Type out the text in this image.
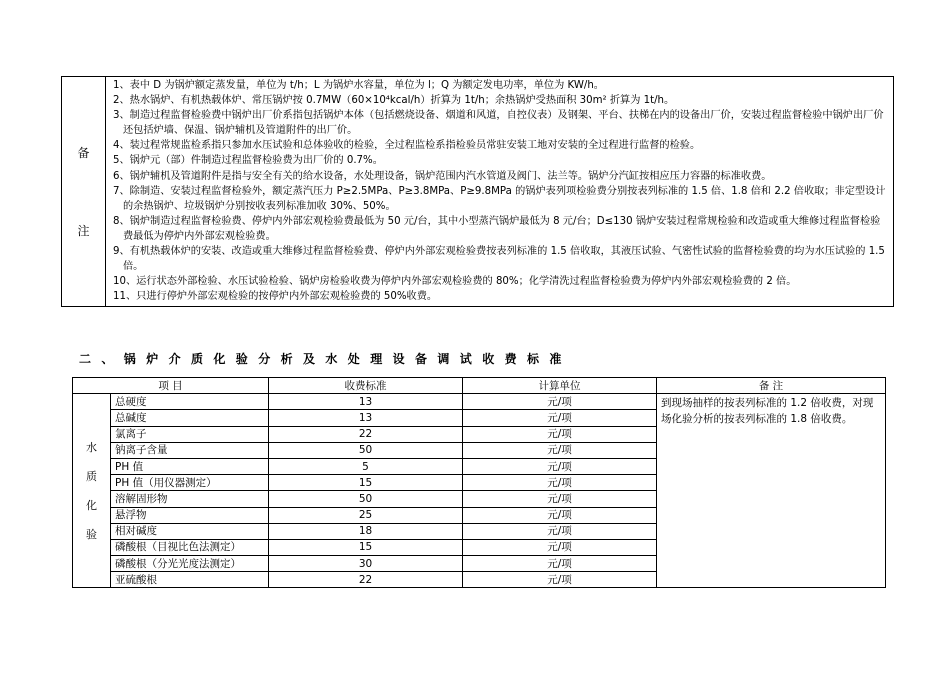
备
注

1、表中 D 为锅炉额定蒸发量，单位为 t/h；L 为锅炉水容量，单位为 l；Q 为额定发电功率，单位为 KW/h。

2、热水锅炉、有机热载体炉、常压锅炉按 0.7MW（60×10⁴kcal/h）折算为 1t/h；余热锅炉受热面积 30m² 折算为 1t/h。

3、制造过程监督检验费中锅炉出厂价系指包括锅炉本体（包括燃烧设备、烟道和风道，自控仪表）及钢架、平台、扶梯在内的设备出厂价，安装过程监督检验中锅炉出厂价还包括炉墙、保温、锅炉辅机及管道附件的出厂价。

4、装过程常规监检系指只参加水压试验和总体验收的检验，全过程监检系指检验员常驻安装工地对安装的全过程进行监督的检验。

5、锅炉元（部）件制造过程监督检验费为出厂价的 0.7%。

6、锅炉辅机及管道附件是指与安全有关的给水设备，水处理设备，锅炉范围内汽水管道及阀门、法兰等。锅炉分汽缸按相应压力容器的标准收费。

7、除制造、安装过程监督检验外，额定蒸汽压力 P≥2.5MPa、P≥3.8MPa、P≥9.8MPa 的锅炉表列项检验费分别按表列标准的 1.5 倍、1.8 倍和 2.2 倍收取；非定型设计的余热锅炉、垃圾锅炉分别按收表列标准加收 30%、50%。

8、锅炉制造过程监督检验费、停炉内外部宏观检验费最低为 50 元/台，其中小型蒸汽锅炉最低为 8 元/台；D≤130 锅炉安装过程常规检验和改造或重大维修过程监督检验费最低为停炉内外部宏观检验费。

9、有机热载体炉的安装、改造或重大维修过程监督检验费、停炉内外部宏观检验费按表列标准的 1.5 倍收取，其液压试验、气密性试验的监督检验费的均为水压试验的 1.5 倍。

10、运行状态外部检验、水压试验检验、锅炉房检验收费为停炉内外部宏观检验费的 80%；化学清洗过程监督检验费为停炉内外部宏观检验费的 2 倍。

11、只进行停炉外部宏观检验的按停炉内外部宏观检验费的 50%收费。

二、锅炉介质化验分析及水处理设备调试收费标准
项 目		收费标准	计算单位	备 注

水
质
化
验	总硬度	13	元/项	到现场抽样的按表列标准的 1.2 倍收费，对现场化验分析的按表列标准的 1.8 倍收费。
	总碱度	13	元/项	
	氯离子	22	元/项	
	钠离子含量	50	元/项	
	PH 值	5	元/项	
	PH 值（用仪器测定）	15	元/项	
	溶解固形物	50	元/项	
	悬浮物	25	元/项	
	相对碱度	18	元/项	
	磷酸根（目视比色法测定）	15	元/项	
	磷酸根（分光光度法测定）	30	元/项	
	亚硫酸根	22	元/项	
